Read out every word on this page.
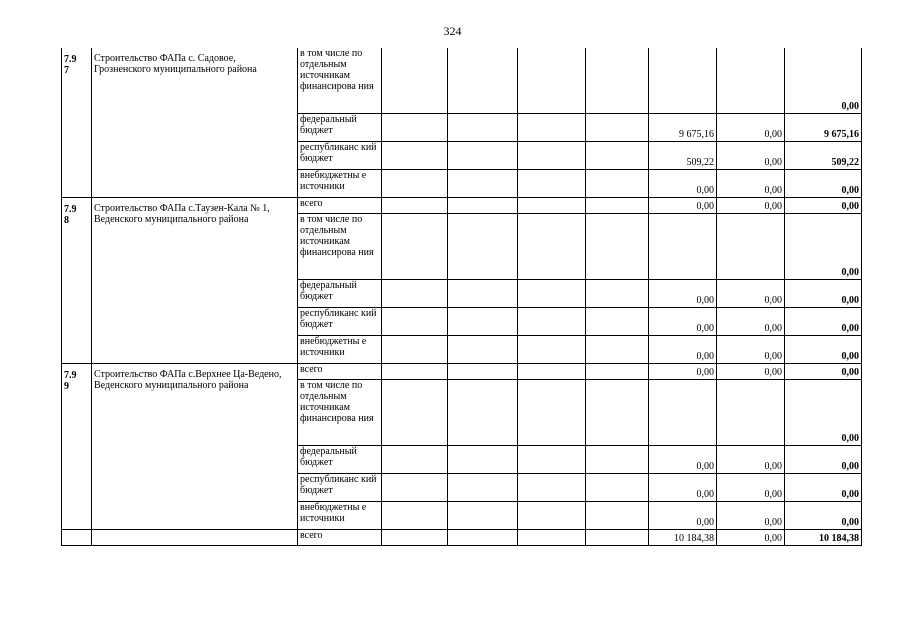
324
7.9
7	Строительство ФАПа с. Садовое, Грозненского муниципального района	в том числе по отдельным источникам финансирова ния							0,00
		федеральный бюджет					9 675,16	0,00	9 675,16
		республиканс кий бюджет					509,22	0,00	509,22
		внебюджетны е источники					0,00	0,00	0,00
7.9
8	Строительство ФАПа с.Таузен-Кала № 1, Веденского муниципального района	всего					0,00	0,00	0,00
		в том числе по отдельным источникам финансирова ния							0,00
		федеральный бюджет					0,00	0,00	0,00
		республиканс кий бюджет					0,00	0,00	0,00
		внебюджетны е источники					0,00	0,00	0,00
7.9
9	Строительство ФАПа с.Верхнее Ца-Ведено, Веденского муниципального района	всего					0,00	0,00	0,00
		в том числе по отдельным источникам финансирова ния							0,00
		федеральный бюджет					0,00	0,00	0,00
		республиканс кий бюджет					0,00	0,00	0,00
		внебюджетны е источники					0,00	0,00	0,00
		всего					10 184,38	0,00	10 184,38
